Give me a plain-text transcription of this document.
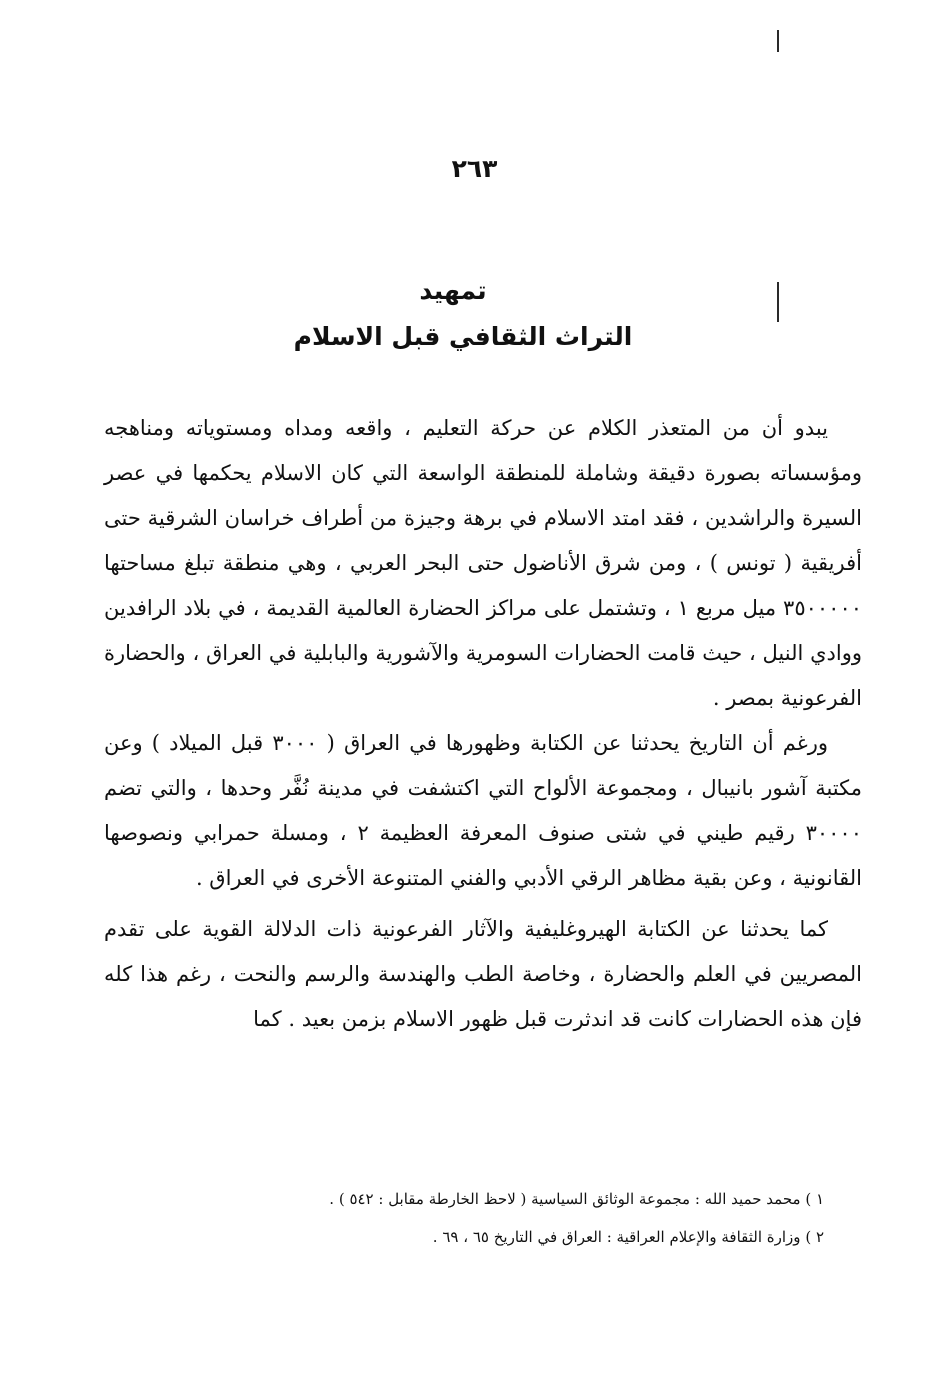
٢٦٣
تمهيد
التراث الثقافي قبل الاسلام

يبدو أن من المتعذر الكلام عن حركة التعليم ، واقعه ومداه ومستوياته ومناهجه ومؤسساته بصورة دقيقة وشاملة للمنطقة الواسعة التي كان الاسلام يحكمها في عصر السيرة والراشدين ، فقد امتد الاسلام في برهة وجيزة من أطراف خراسان الشرقية حتى أفريقية ( تونس ) ، ومن شرق الأناضول حتى البحر العربي ، وهي منطقة تبلغ مساحتها ٣٥٠٠٠٠٠ ميل مربع ١ ، وتشتمل على مراكز الحضارة العالمية القديمة ، في بلاد الرافدين ووادي النيل ، حيث قامت الحضارات السومرية والآشورية والبابلية في العراق ، والحضارة الفرعونية بمصر .

ورغم أن التاريخ يحدثنا عن الكتابة وظهورها في العراق ( ٣٠٠٠ قبل الميلاد ) وعن مكتبة آشور بانيبال ، ومجموعة الألواح التي اكتشفت في مدينة نُفَّر وحدها ، والتي تضم ٣٠٠٠٠ رقيم طيني في شتى صنوف المعرفة العظيمة ٢ ، ومسلة حمرابي ونصوصها القانونية ، وعن بقية مظاهر الرقي الأدبي والفني المتنوعة الأخرى في العراق .

كما يحدثنا عن الكتابة الهيروغليفية والآثار الفرعونية ذات الدلالة القوية على تقدم المصريين في العلم والحضارة ، وخاصة الطب والهندسة والرسم والنحت ، رغم هذا كله فإن هذه الحضارات كانت قد اندثرت قبل ظهور الاسلام بزمن بعيد . كما

١ ) محمد حميد الله : مجموعة الوثائق السياسية ( لاحظ الخارطة مقابل : ٥٤٢ ) .

٢ ) وزارة الثقافة والإعلام العراقية : العراق في التاريخ ٦٥ ، ٦٩ .
